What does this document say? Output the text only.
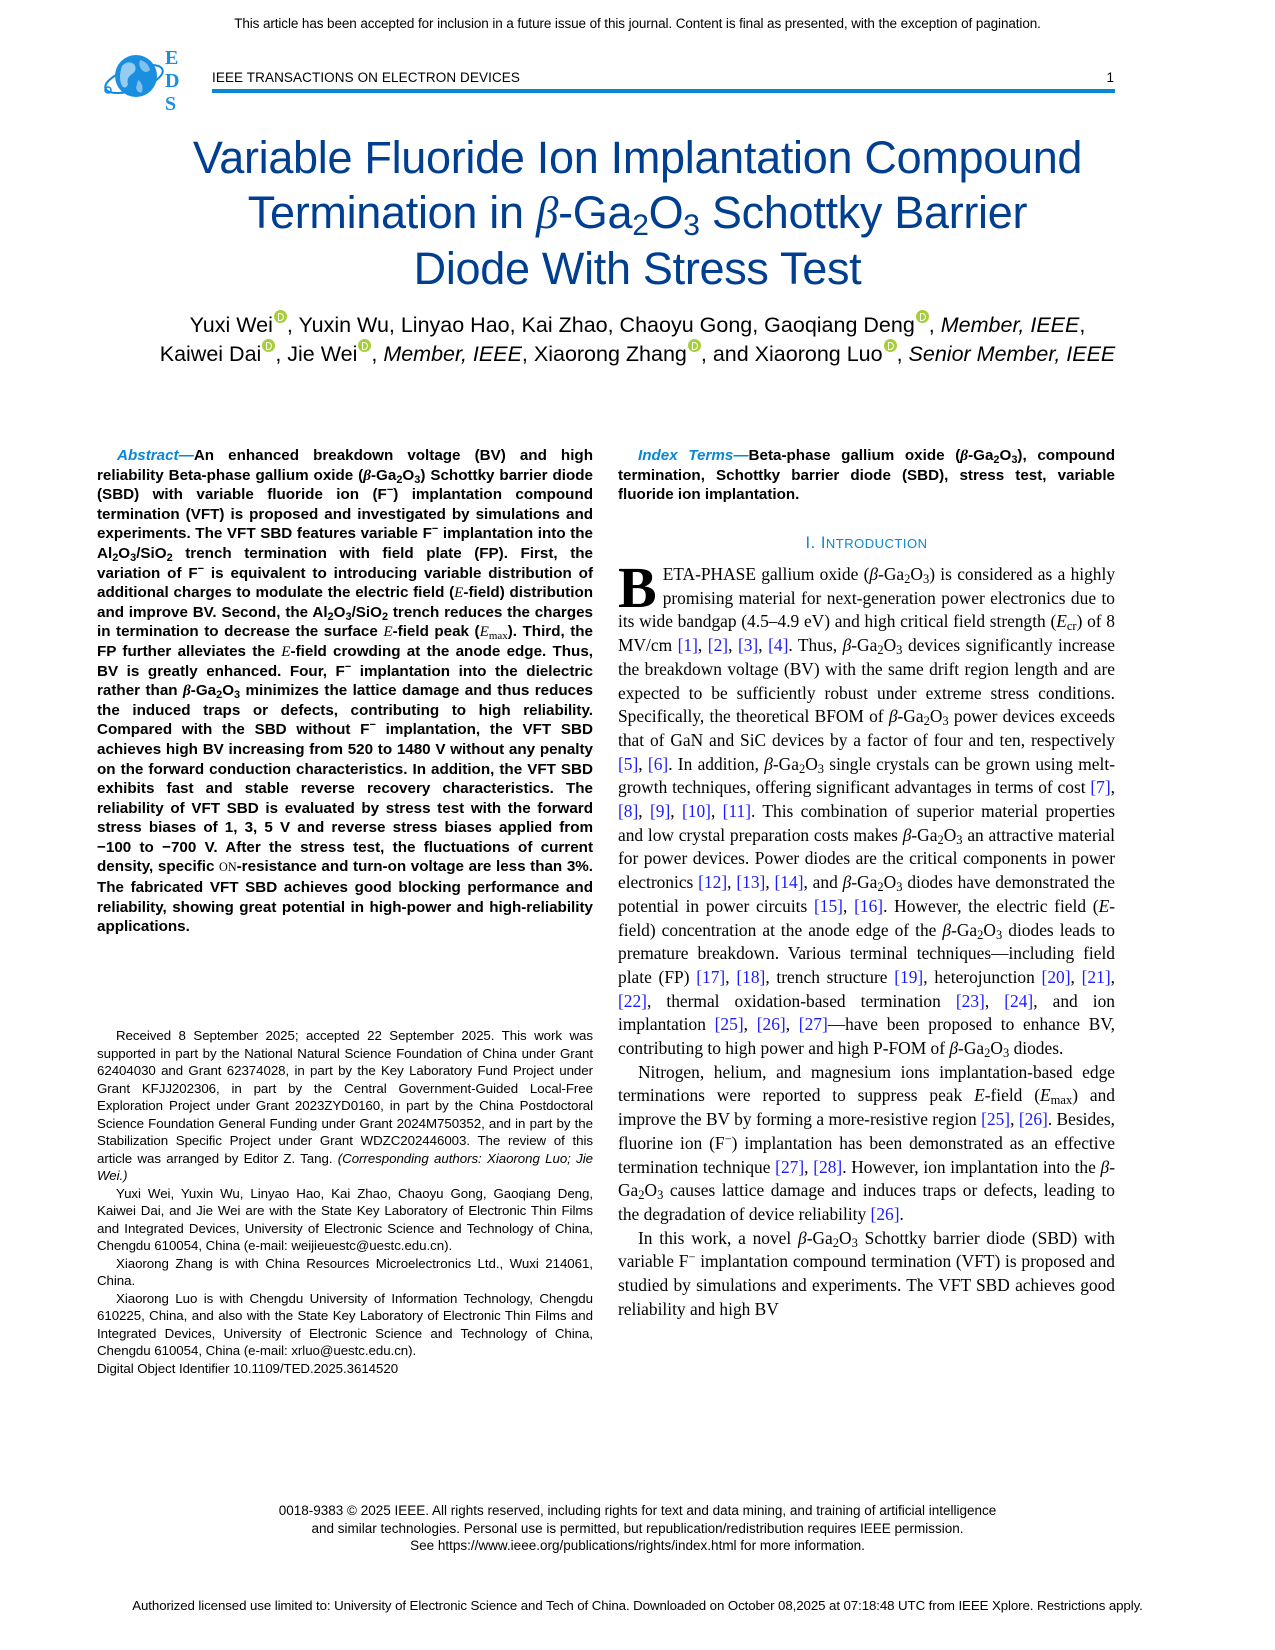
This article has been accepted for inclusion in a future issue of this journal. Content is final as presented, with the exception of pagination.
E
D
S
IEEE TRANSACTIONS ON ELECTRON DEVICES	1
Variable Fluoride Ion Implantation Compound
Termination in $\beta-Ga_2O_3$ Schottky Barrier
Diode With Stress Test
Yuxi Wei , Yuxin Wu, Linyao Hao, Kai Zhao, Chaoyu Gong, Gaoqiang Deng , Member, IEEE,
Kaiwei Dai , Jie Wei , Member, IEEE, Xiaorong Zhang , and Xiaorong Luo , Senior Member, IEEE
Abstract—An enhanced breakdown voltage (BV) and high reliability Beta-phase gallium oxide $(\beta-Ga_2O_3)$ Schottky barrier diode (SBD) with variable fluoride ion (F−) implantation compound termination (VFT) is proposed and investigated by simulations and experiments. The VFT SBD features variable F− implantation into the $Al_2O_3/SiO_2$ trench termination with field plate (FP). First, the variation of F− is equivalent to introducing variable distribution of additional charges to modulate the electric field (E-field) distribution and improve BV. Second, the $Al_2O_3/SiO_2$ trench reduces the charges in termination to decrease the surface E-field peak $(E_{max})$. Third, the FP further alleviates the E-field crowding at the anode edge. Thus, BV is greatly enhanced. Four, F− implantation into the dielectric rather than $\beta-Ga_2O_3$ minimizes the lattice damage and thus reduces the induced traps or defects, contributing to high reliability. Compared with the SBD without F− implantation, the VFT SBD achieves high BV increasing from 520 to 1480 V without any penalty on the forward conduction characteristics. In addition, the VFT SBD exhibits fast and stable reverse recovery characteristics. The reliability of VFT SBD is evaluated by stress test with the forward stress biases of 1, 3, 5 V and reverse stress biases applied from −100 to −700 V. After the stress test, the fluctuations of current density, specific ON-resistance and turn-on voltage are less than 3%. The fabricated VFT SBD achieves good blocking performance and reliability, showing great potential in high-power and high-reliability applications.

Received 8 September 2025; accepted 22 September 2025. This work was supported in part by the National Natural Science Foundation of China under Grant 62404030 and Grant 62374028, in part by the Key Laboratory Fund Project under Grant KFJJ202306, in part by the Central Government-Guided Local-Free Exploration Project under Grant 2023ZYD0160, in part by the China Postdoctoral Science Foundation General Funding under Grant 2024M750352, and in part by the Stabilization Specific Project under Grant WDZC202446003. The review of this article was arranged by Editor Z. Tang. (Corresponding authors: Xiaorong Luo; Jie Wei.)

Yuxi Wei, Yuxin Wu, Linyao Hao, Kai Zhao, Chaoyu Gong, Gaoqiang Deng, Kaiwei Dai, and Jie Wei are with the State Key Laboratory of Electronic Thin Films and Integrated Devices, University of Electronic Science and Technology of China, Chengdu 610054, China (e-mail: weijieuestc@uestc.edu.cn).

Xiaorong Zhang is with China Resources Microelectronics Ltd., Wuxi 214061, China.

Xiaorong Luo is with Chengdu University of Information Technology, Chengdu 610225, China, and also with the State Key Laboratory of Electronic Thin Films and Integrated Devices, University of Electronic Science and Technology of China, Chengdu 610054, China (e-mail: xrluo@uestc.edu.cn).

Digital Object Identifier 10.1109/TED.2025.3614520

Index Terms—Beta-phase gallium oxide $(\beta-Ga_2O_3)$, compound termination, Schottky barrier diode (SBD), stress test, variable fluoride ion implantation.
I. INTRODUCTION

BETA-PHASE gallium oxide $(\beta-Ga_2O_3)$ is considered as a highly promising material for next-generation power electronics due to its wide bandgap (4.5–4.9 eV) and high critical field strength $(E_{cr})$ of 8 MV/cm [1], [2], [3], [4]. Thus, $\beta-Ga_2O_3$ devices significantly increase the breakdown voltage (BV) with the same drift region length and are expected to be sufficiently robust under extreme stress conditions. Specifically, the theoretical BFOM of $\beta-Ga_2O_3$ power devices exceeds that of GaN and SiC devices by a factor of four and ten, respectively [5], [6]. In addition, $\beta-Ga_2O_3$ single crystals can be grown using melt-growth techniques, offering significant advantages in terms of cost [7], [8], [9], [10], [11]. This combination of superior material properties and low crystal preparation costs makes $\beta-Ga_2O_3$ an attractive material for power devices. Power diodes are the critical components in power electronics [12], [13], [14], and $\beta-Ga_2O_3$ diodes have demonstrated the potential in power circuits [15], [16]. However, the electric field (E-field) concentration at the anode edge of the $\beta-Ga_2O_3$ diodes leads to premature breakdown. Various terminal techniques—including field plate (FP) [17], [18], trench structure [19], heterojunction [20], [21], [22], thermal oxidation-based termination [23], [24], and ion implantation [25], [26], [27]—have been proposed to enhance BV, contributing to high power and high P-FOM of $\beta-Ga_2O_3$ diodes.

Nitrogen, helium, and magnesium ions implantation-based edge terminations were reported to suppress peak E-field $(E_{max})$ and improve the BV by forming a more-resistive region [25], [26]. Besides, fluorine ion (F−) implantation has been demonstrated as an effective termination technique [27], [28]. However, ion implantation into the $\beta-Ga_2O_3$ causes lattice damage and induces traps or defects, leading to the degradation of device reliability [26].

In this work, a novel $\beta-Ga_2O_3$ Schottky barrier diode (SBD) with variable F− implantation compound termination (VFT) is proposed and studied by simulations and experiments. The VFT SBD achieves good reliability and high BV

0018-9383 © 2025 IEEE. All rights reserved, including rights for text and data mining, and training of artificial intelligence
and similar technologies. Personal use is permitted, but republication/redistribution requires IEEE permission.
See https://www.ieee.org/publications/rights/index.html for more information.
Authorized licensed use limited to: University of Electronic Science and Tech of China. Downloaded on October 08,2025 at 07:18:48 UTC from IEEE Xplore. Restrictions apply.
